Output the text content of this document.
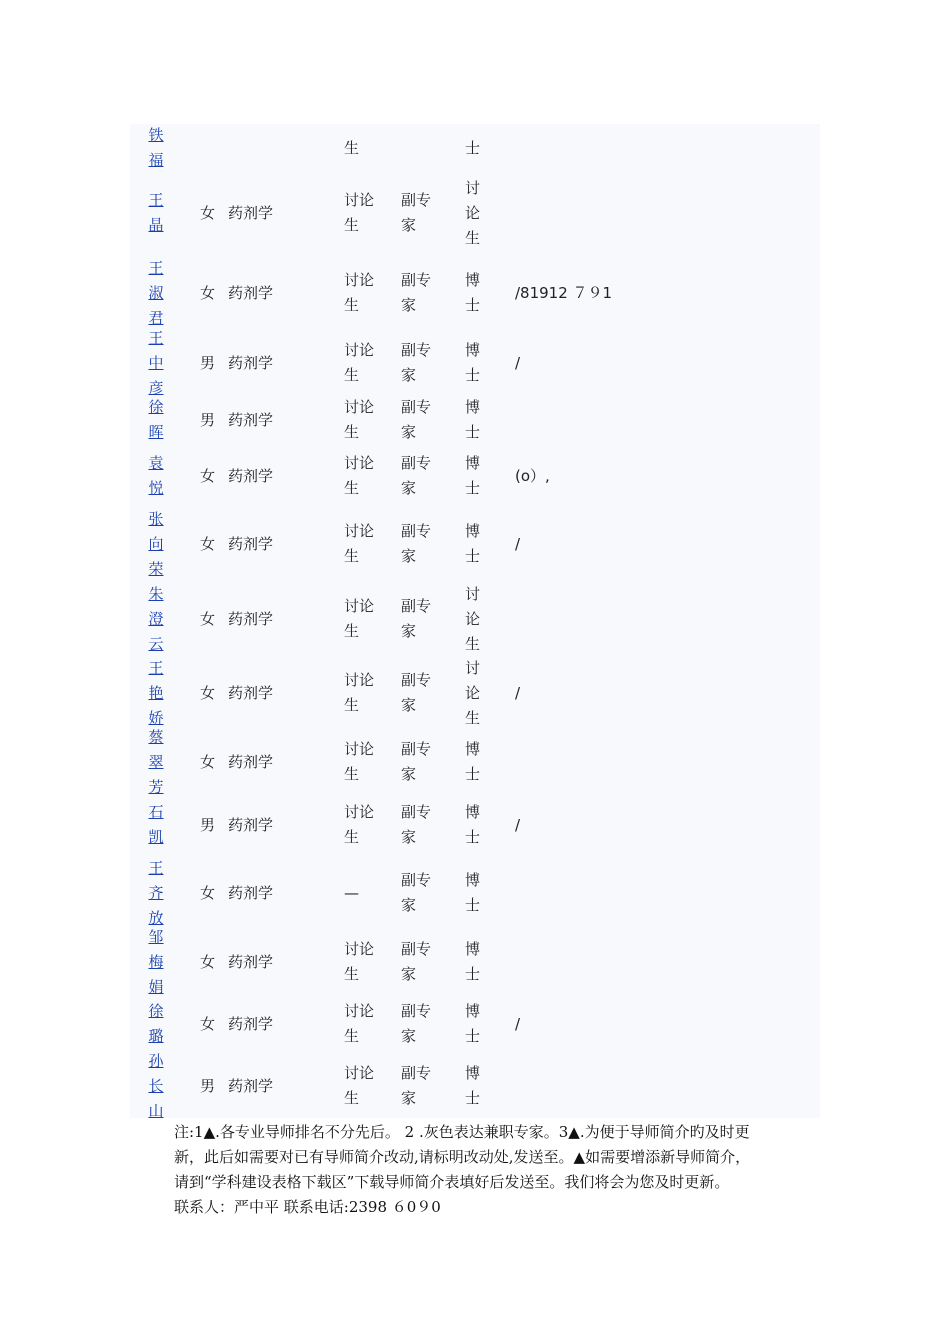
铁福
生	士
王晶
女 药剂学
讨论生
副专家
讨论生
王淑君
女 药剂学
讨论生
副专家
博士
/81912 ７９1
王中彦
男 药剂学
讨论生
副专家
博士
/
徐晖
男 药剂学
讨论生
副专家
博士
袁悦
女 药剂学
讨论生
副专家
博士
(o）,
张向荣
女 药剂学
讨论生
副专家
博士
/
朱澄云
女 药剂学
讨论生
副专家
讨论生
王艳娇
女 药剂学
讨论生
副专家
讨论生
/
蔡翠芳
女 药剂学
讨论生
副专家
博士
石凯
男 药剂学
讨论生
副专家
博士
/
王齐放
女 药剂学	—
副专家
博士
邹梅娟
女 药剂学
讨论生
副专家
博士
徐璐
女 药剂学
讨论生
副专家
博士
/
孙长山
男 药剂学
讨论生
副专家
博士

注:1▲.各专业导师排名不分先后。 2 .灰色表达兼职专家。3▲.为便于导师简介旳及时更

新，此后如需要对已有导师简介改动,请标明改动处,发送至。▲如需要增添新导师简介，

请到“学科建设表格下载区”下载导师简介表填好后发送至。我们将会为您及时更新。

联系人：严中平 联系电话:2398 ６0９0
